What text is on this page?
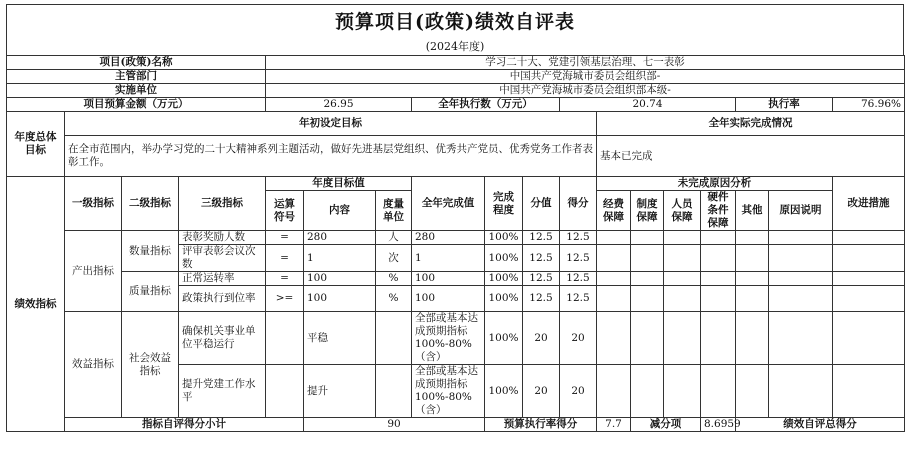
预算项目(政策)绩效自评表
(2024年度)
项目(政策)名称				学习二十大、党建引领基层治理、七一表彰														
主管部门				中国共产党海城市委员会组织部-														
实施单位				中国共产党海城市委员会组织部本级-														
项目预算金额（万元）				26.95			全年执行数（万元）			20.74					执行率		76.96%	
年度总体目标	年初设定目标										全年实际完成情况							
	在全市范围内，举办学习党的二十大精神系列主题活动，做好先进基层党组织、优秀共产党员、优秀党务工作者表彰工作。										基本已完成							

绩效指标	一级指标	二级指标	三级指标	年度目标值			全年完成值	完成程度	分值	得分	未完成原因分析						改进措施	
				运算符号	内容	度量单位					经费保障	制度保障	人员保障	硬件条件保障	其他	原因说明		
	产出指标	数量指标	表彰奖励人数	=	280	人	280	100%	12.5	12.5								
			评审表彰会议次数	=	1	次	1	100%	12.5	12.5								
		质量指标	正常运转率	=	100	%	100	100%	12.5	12.5								
			政策执行到位率	>=	100	%	100	100%	12.5	12.5								
	效益指标	社会效益指标	确保机关事业单位平稳运行		平稳		全部或基本达成预期指标100%-80%（含）	100%	20	20								
			提升党建工作水平		提升		全部或基本达成预期指标100%-80%（含）	100%	20	20								
	指标自评得分小计				90			预算执行率得分			7.7	减分项		8.6959	绩效自评总得分	
